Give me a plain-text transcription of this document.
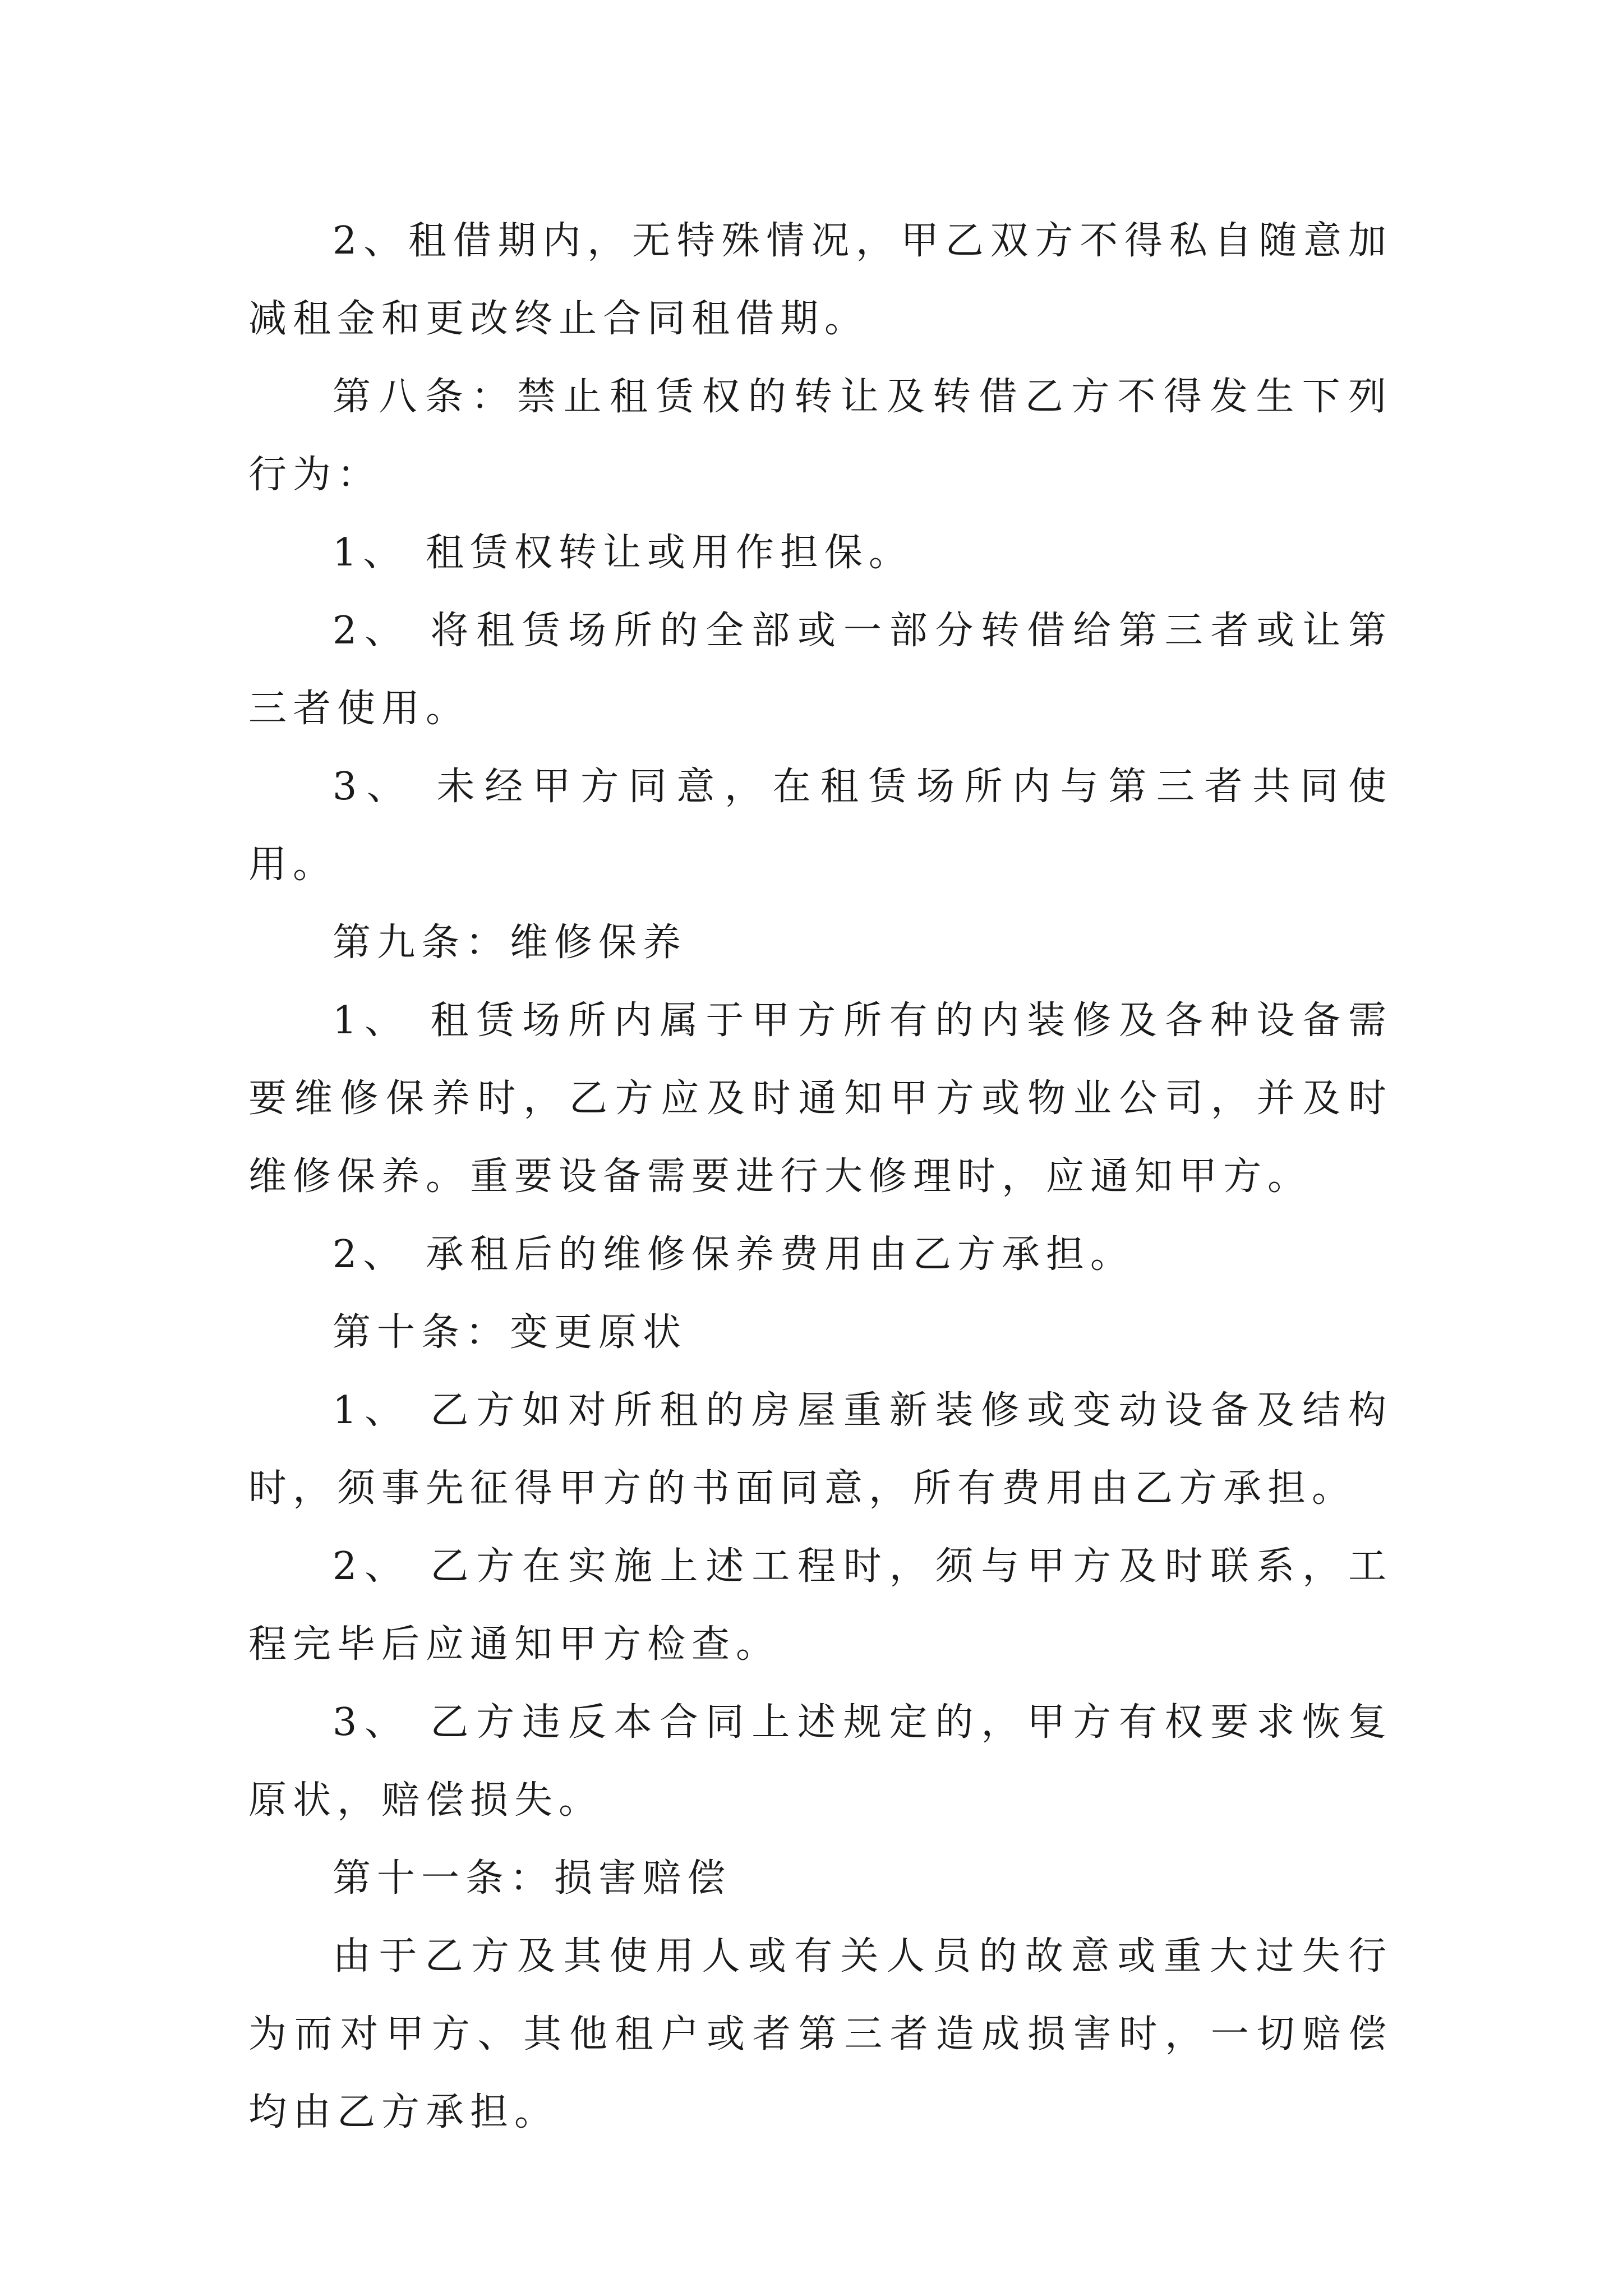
2、租借期内，无特殊情况，甲乙双方不得私自随意加减租金和更改终止合同租借期。

第八条：禁止租赁权的转让及转借乙方不得发生下列行为：

1、 租赁权转让或用作担保。

2、 将租赁场所的全部或一部分转借给第三者或让第三者使用。

3、 未经甲方同意，在租赁场所内与第三者共同使用。

第九条：维修保养

1、 租赁场所内属于甲方所有的内装修及各种设备需要维修保养时，乙方应及时通知甲方或物业公司，并及时维修保养。重要设备需要进行大修理时，应通知甲方。

2、 承租后的维修保养费用由乙方承担。

第十条：变更原状

1、 乙方如对所租的房屋重新装修或变动设备及结构时，须事先征得甲方的书面同意，所有费用由乙方承担。

2、 乙方在实施上述工程时，须与甲方及时联系，工程完毕后应通知甲方检查。

3、 乙方违反本合同上述规定的，甲方有权要求恢复原状，赔偿损失。

第十一条：损害赔偿

由于乙方及其使用人或有关人员的故意或重大过失行为而对甲方、其他租户或者第三者造成损害时，一切赔偿均由乙方承担。
